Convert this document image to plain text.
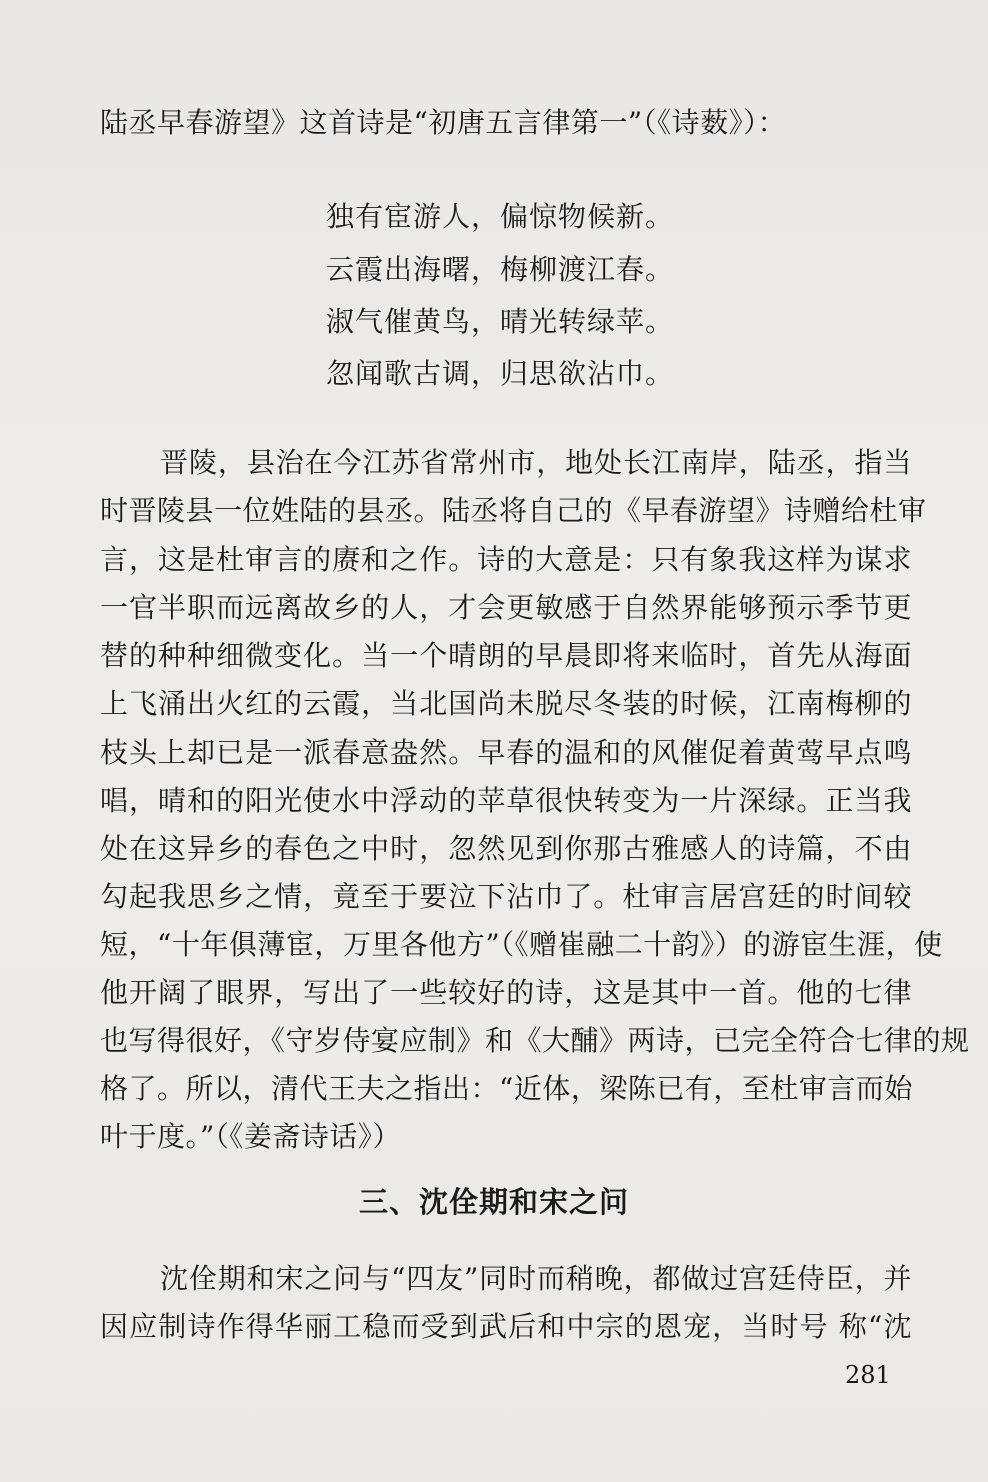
陆丞早春游望》这首诗是“初唐五言律第一”（《诗薮》）：
独有宦游人，偏惊物候新。
云霞出海曙，梅柳渡江春。
淑气催黄鸟，晴光转绿苹。
忽闻歌古调，归思欲沾巾。
晋陵，县治在今江苏省常州市，地处长江南岸，陆丞，指当
时晋陵县一位姓陆的县丞。陆丞将自己的《早春游望》诗赠给杜审
言，这是杜审言的赓和之作。诗的大意是：只有象我这样为谋求
一官半职而远离故乡的人，才会更敏感于自然界能够预示季节更
替的种种细微变化。当一个晴朗的早晨即将来临时，首先从海面
上飞涌出火红的云霞，当北国尚未脱尽冬装的时候，江南梅柳的
枝头上却已是一派春意盎然。早春的温和的风催促着黄莺早点鸣
唱，晴和的阳光使水中浮动的苹草很快转变为一片深绿。正当我
处在这异乡的春色之中时，忽然见到你那古雅感人的诗篇，不由
勾起我思乡之情，竟至于要泣下沾巾了。杜审言居宫廷的时间较
短，“十年俱薄宦，万里各他方”（《赠崔融二十韵》）的游宦生涯，使
他开阔了眼界，写出了一些较好的诗，这是其中一首。他的七律
也写得很好，《守岁侍宴应制》和《大酺》两诗，已完全符合七律的规
格了。所以，清代王夫之指出：“近体，梁陈已有，至杜审言而始
叶于度。”（《姜斋诗话》）
三、沈佺期和宋之问
沈佺期和宋之问与“四友”同时而稍晚，都做过宫廷侍臣，并
因应制诗作得华丽工稳而受到武后和中宗的恩宠，当时号 称“沈
281
